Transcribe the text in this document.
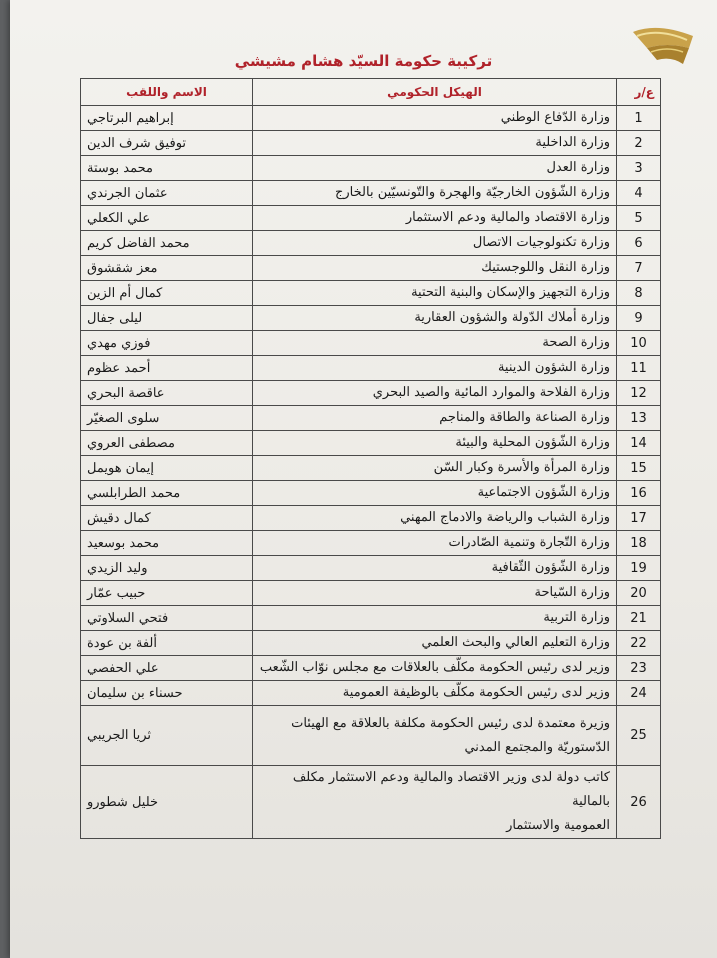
تركيبة حكومة السيّد هشام مشيشي
ع/ر	الهيكل الحكومي	الاسم واللقب
1	وزارة الدّفاع الوطني	إبراهيم البرتاجي

2	وزارة الداخلية	توفيق شرف الدين

3	وزارة العدل	محمد بوستة

4	وزارة الشّؤون الخارجيّة والهجرة والتّونسيّين بالخارج	عثمان الجرندي

5	وزارة الاقتصاد والمالية ودعم الاستثمار	علي الكعلي

6	وزارة تكنولوجيات الاتصال	محمد الفاضل كريم

7	وزارة النقل واللوجستيك	معز شقشوق

8	وزارة التجهيز والإسكان والبنية التحتية	كمال أم الزين

9	وزارة أملاك الدّولة والشؤون العقارية	ليلى جفال

10	وزارة الصحة	فوزي مهدي

11	وزارة الشؤون الدينية	أحمد عظوم

12	وزارة الفلاحة والموارد المائية والصيد البحري	عاقصة البحري

13	وزارة الصناعة والطاقة والمناجم	سلوى الصغيّر

14	وزارة الشّؤون المحلية والبيئة	مصطفى العروي

15	وزارة المرأة والأسرة وكبار السّن	إيمان هويمل

16	وزارة الشّؤون الاجتماعية	محمد الطرابلسي

17	وزارة الشباب والرياضة والادماج المهني	كمال دقيش

18	وزارة التّجارة وتنمية الصّادرات	محمد بوسعيد

19	وزارة الشّؤون الثّقافية	وليد الزيدي

20	وزارة السّياحة	حبيب عمّار

21	وزارة التربية	فتحي السلاوتي

22	وزارة التعليم العالي والبحث العلمي	ألفة بن عودة

23	وزير لدى رئيس الحكومة مكلّف بالعلاقات مع مجلس نوّاب الشّعب	علي الحفصي

24	وزير لدى رئيس الحكومة مكلّف بالوظيفة العمومية	حسناء بن سليمان

25	وزيرة معتمدة لدى رئيس الحكومة مكلفة بالعلاقة مع الهيئات
الدّستوريّة والمجتمع المدني	ثريا الجريبي

26	كاتب دولة لدى وزير الاقتصاد والمالية ودعم الاستثمار مكلف بالمالية
العمومية والاستثمار	خليل شطورو
